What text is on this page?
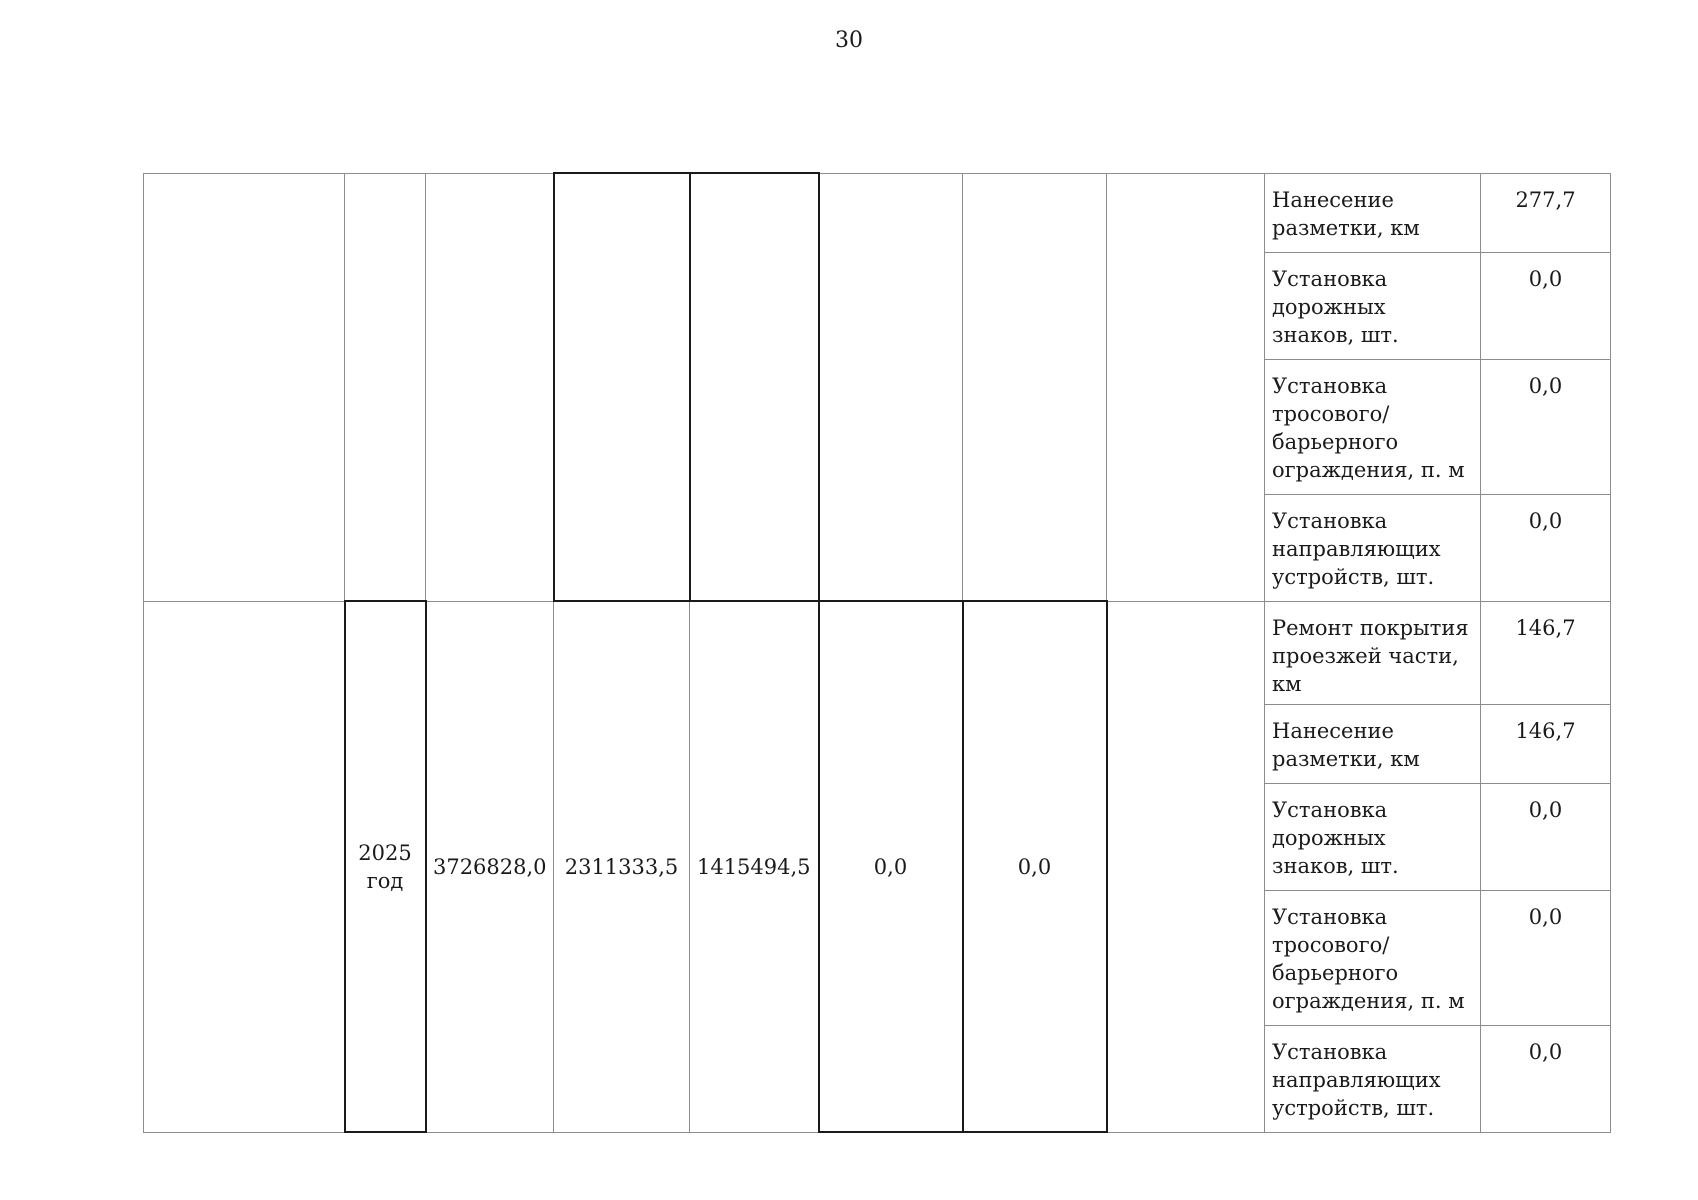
30
								Нанесение разметки, км	277,7
								Установка дорожных знаков, шт.	0,0
								Установка тросового/ барьерного ограждения, п. м	0,0
								Установка направляющих устройств, шт.	0,0
	2025 год	3726828,0	2311333,5	1415494,5	0,0	0,0		Ремонт покрытия проезжей части, км	146,7
								Нанесение разметки, км	146,7
								Установка дорожных знаков, шт.	0,0
								Установка тросового/ барьерного ограждения, п. м	0,0
								Установка направляющих устройств, шт.	0,0
